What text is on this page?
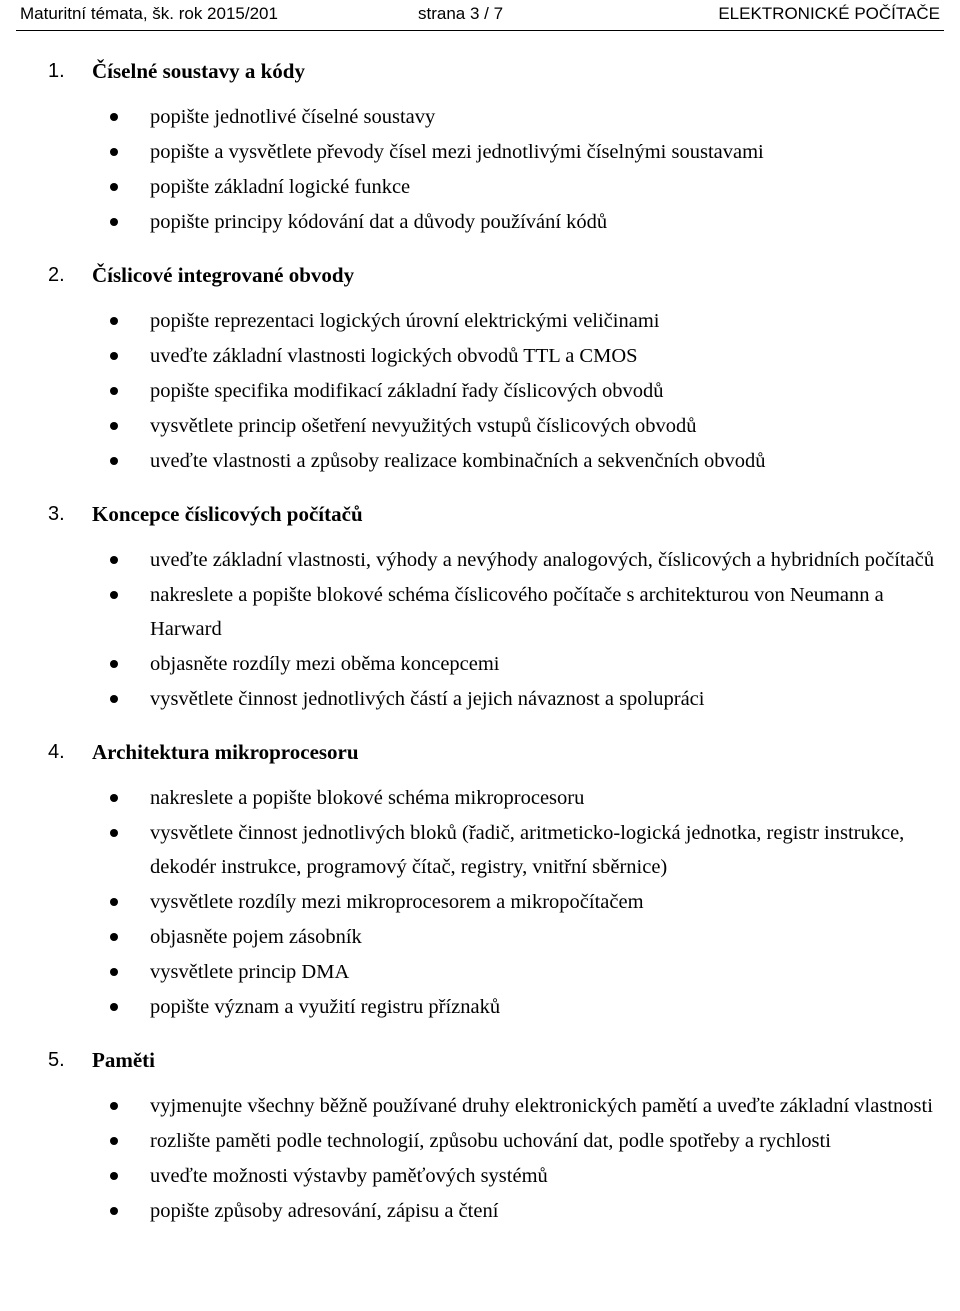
Maturitní témata, šk. rok 2015/201	strana 3 / 7	ELEKTRONICKÉ POČÍTAČE
1. Číselné soustavy a kódy
popište jednotlivé číselné soustavy
popište a vysvětlete převody čísel mezi jednotlivými číselnými soustavami
popište základní logické funkce
popište principy kódování dat a důvody používání kódů
2. Číslicové integrované obvody
popište reprezentaci logických úrovní elektrickými veličinami
uveďte základní vlastnosti logických obvodů TTL a CMOS
popište specifika modifikací základní řady číslicových obvodů
vysvětlete princip ošetření nevyužitých vstupů číslicových obvodů
uveďte vlastnosti a způsoby realizace kombinačních a sekvenčních obvodů
3. Koncepce číslicových počítačů
uveďte základní vlastnosti, výhody a nevýhody analogových, číslicových a hybridních počítačů
nakreslete a popište blokové schéma číslicového počítače s architekturou von Neumann a Harward
objasněte rozdíly mezi oběma koncepcemi
vysvětlete činnost jednotlivých částí a jejich návaznost a spolupráci
4. Architektura mikroprocesoru
nakreslete a popište blokové schéma mikroprocesoru
vysvětlete činnost jednotlivých bloků (řadič, aritmeticko-logická jednotka, registr instrukce, dekodér instrukce, programový čítač, registry, vnitřní sběrnice)
vysvětlete rozdíly mezi mikroprocesorem a mikropočítačem
objasněte pojem zásobník
vysvětlete princip DMA
popište význam a využití registru příznaků
5. Paměti
vyjmenujte všechny běžně používané druhy elektronických pamětí a uveďte základní vlastnosti
rozlište paměti podle technologií, způsobu uchování dat, podle spotřeby a rychlosti
uveďte možnosti výstavby paměťových systémů
popište způsoby adresování, zápisu a čtení
